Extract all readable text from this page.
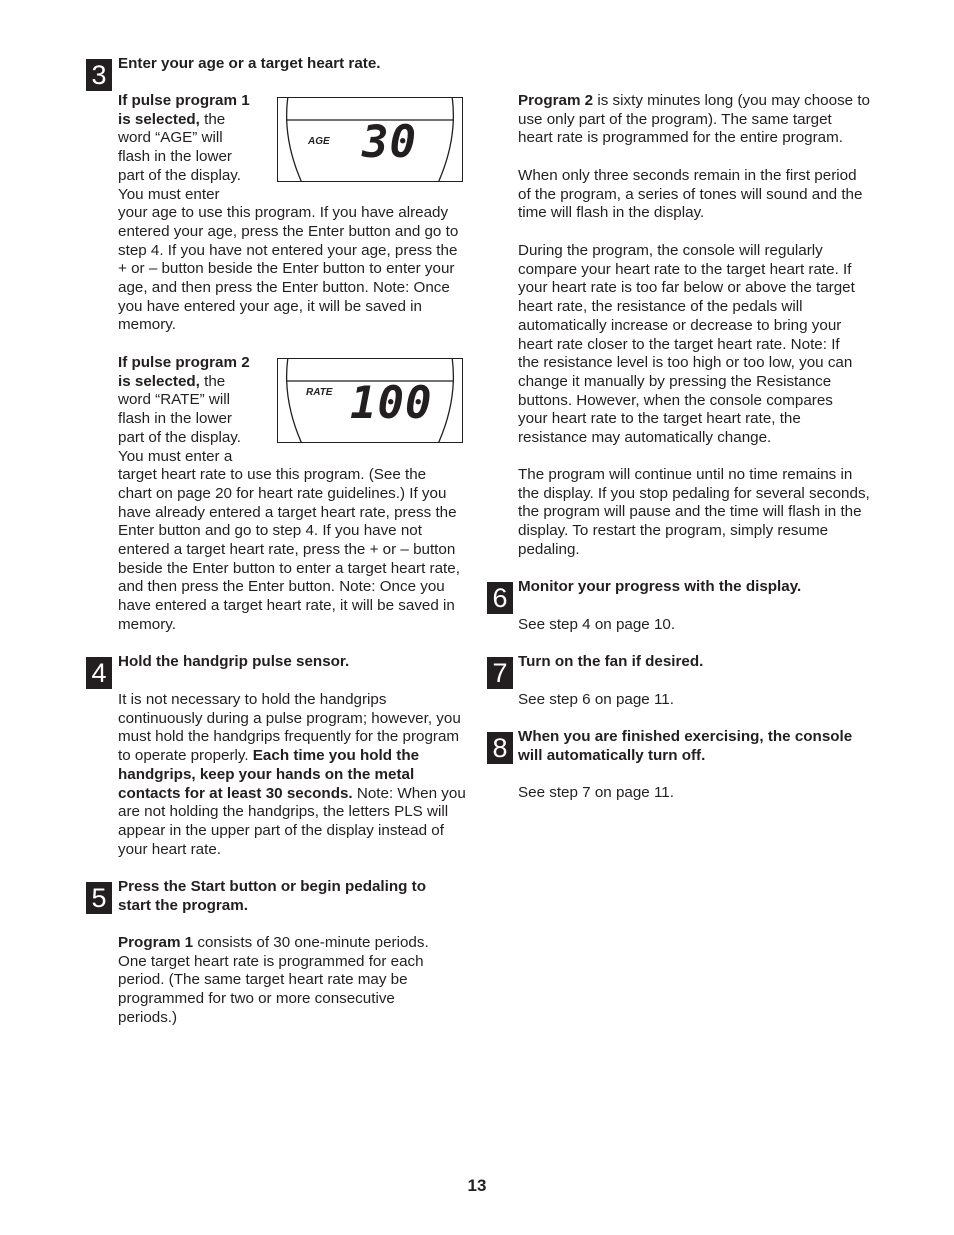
3 Enter your age or a target heart rate.
If pulse program 1 is selected, the word “AGE” will flash in the lower part of the display. You must enter your age to use this program. If you have already entered your age, press the Enter button and go to step 4. If you have not entered your age, press the + or – button beside the Enter button to enter your age, and then press the Enter button. Note: Once you have entered your age, it will be saved in memory.
AGE 30
If pulse program 2 is selected, the word “RATE” will flash in the lower part of the display. You must enter a target heart rate to use this program. (See the chart on page 20 for heart rate guidelines.) If you have already entered a target heart rate, press the Enter button and go to step 4. If you have not entered a target heart rate, press the + or – button beside the Enter button to enter a target heart rate, and then press the Enter button. Note: Once you have entered a target heart rate, it will be saved in memory.
RATE 100
4 Hold the handgrip pulse sensor.
It is not necessary to hold the handgrips continuously during a pulse program; however, you must hold the handgrips frequently for the program to operate properly. Each time you hold the handgrips, keep your hands on the metal contacts for at least 30 seconds. Note: When you are not holding the handgrips, the letters PLS will appear in the upper part of the display instead of your heart rate.
5 Press the Start button or begin pedaling to start the program.
Program 1 consists of 30 one-minute periods. One target heart rate is programmed for each period. (The same target heart rate may be programmed for two or more consecutive periods.)
Program 2 is sixty minutes long (you may choose to use only part of the program). The same target heart rate is programmed for the entire program.

When only three seconds remain in the first period of the program, a series of tones will sound and the time will flash in the display.

During the program, the console will regularly compare your heart rate to the target heart rate. If your heart rate is too far below or above the target heart rate, the resistance of the pedals will automatically increase or decrease to bring your heart rate closer to the target heart rate. Note: If the resistance level is too high or too low, you can change it manually by pressing the Resistance buttons. However, when the console compares your heart rate to the target heart rate, the resistance may automatically change.

The program will continue until no time remains in the display. If you stop pedaling for several seconds, the program will pause and the time will flash in the display. To restart the program, simply resume pedaling.

6 Monitor your progress with the display.

See step 4 on page 10.

7 Turn on the fan if desired.

See step 6 on page 11.

8 When you are finished exercising, the console will automatically turn off.

See step 7 on page 11.

13
